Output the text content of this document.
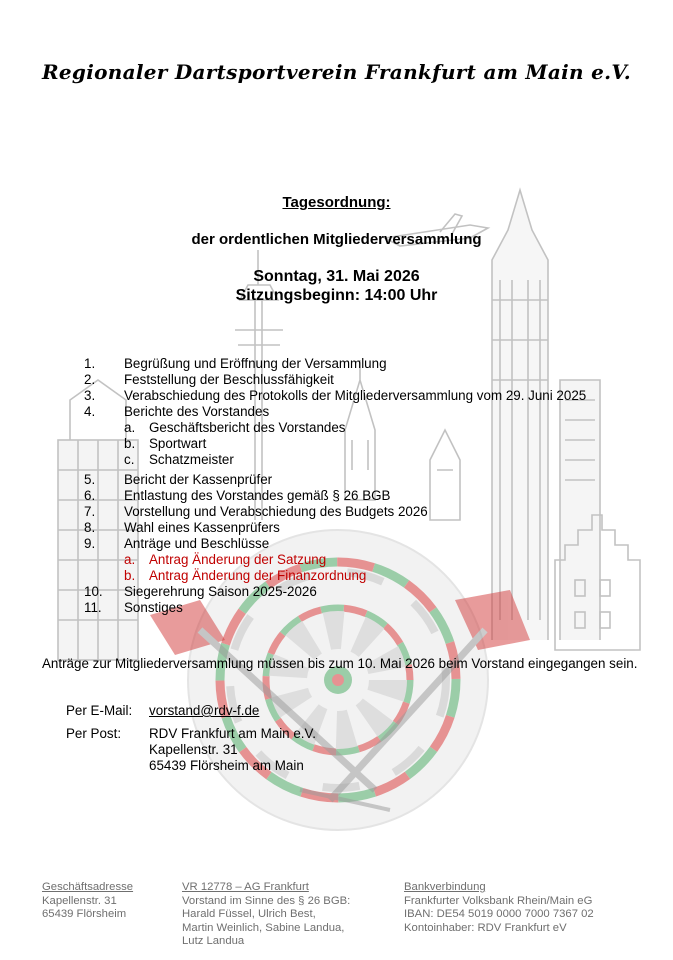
Regionaler Dartsportverein Frankfurt am Main e.V.
Tagesordnung:
der ordentlichen Mitgliederversammlung
Sonntag, 31. Mai 2026
Sitzungsbeginn: 14:00 Uhr
1. Begrüßung und Eröffnung der Versammlung
2. Feststellung der Beschlussfähigkeit
3. Verabschiedung des Protokolls der Mitgliederversammlung vom 29. Juni 2025
4. Berichte des Vorstandes
a. Geschäftsbericht des Vorstandes
b. Sportwart
c. Schatzmeister
5. Bericht der Kassenprüfer
6. Entlastung des Vorstandes gemäß § 26 BGB
7. Vorstellung und Verabschiedung des Budgets 2026
8. Wahl eines Kassenprüfers
9. Anträge und Beschlüsse
a. Antrag Änderung der Satzung
b. Antrag Änderung der Finanzordnung
10. Siegerehrung Saison 2025-2026
11. Sonstiges
Anträge zur Mitgliederversammlung müssen bis zum 10. Mai 2026 beim Vorstand eingegangen sein.
Per E-Mail: vorstand@rdv-f.de
Per Post: RDV Frankfurt am Main e.V.
Kapellenstr. 31
65439 Flörsheim am Main
Geschäftsadresse
Kapellenstr. 31
65439 Flörsheim
VR 12778 – AG Frankfurt
Vorstand im Sinne des § 26 BGB:
Harald Füssel, Ulrich Best,
Martin Weinlich, Sabine Landua,
Lutz Landua
Bankverbindung
Frankfurter Volksbank Rhein/Main eG
IBAN: DE54 5019 0000 7000 7367 02
Kontoinhaber: RDV Frankfurt eV
